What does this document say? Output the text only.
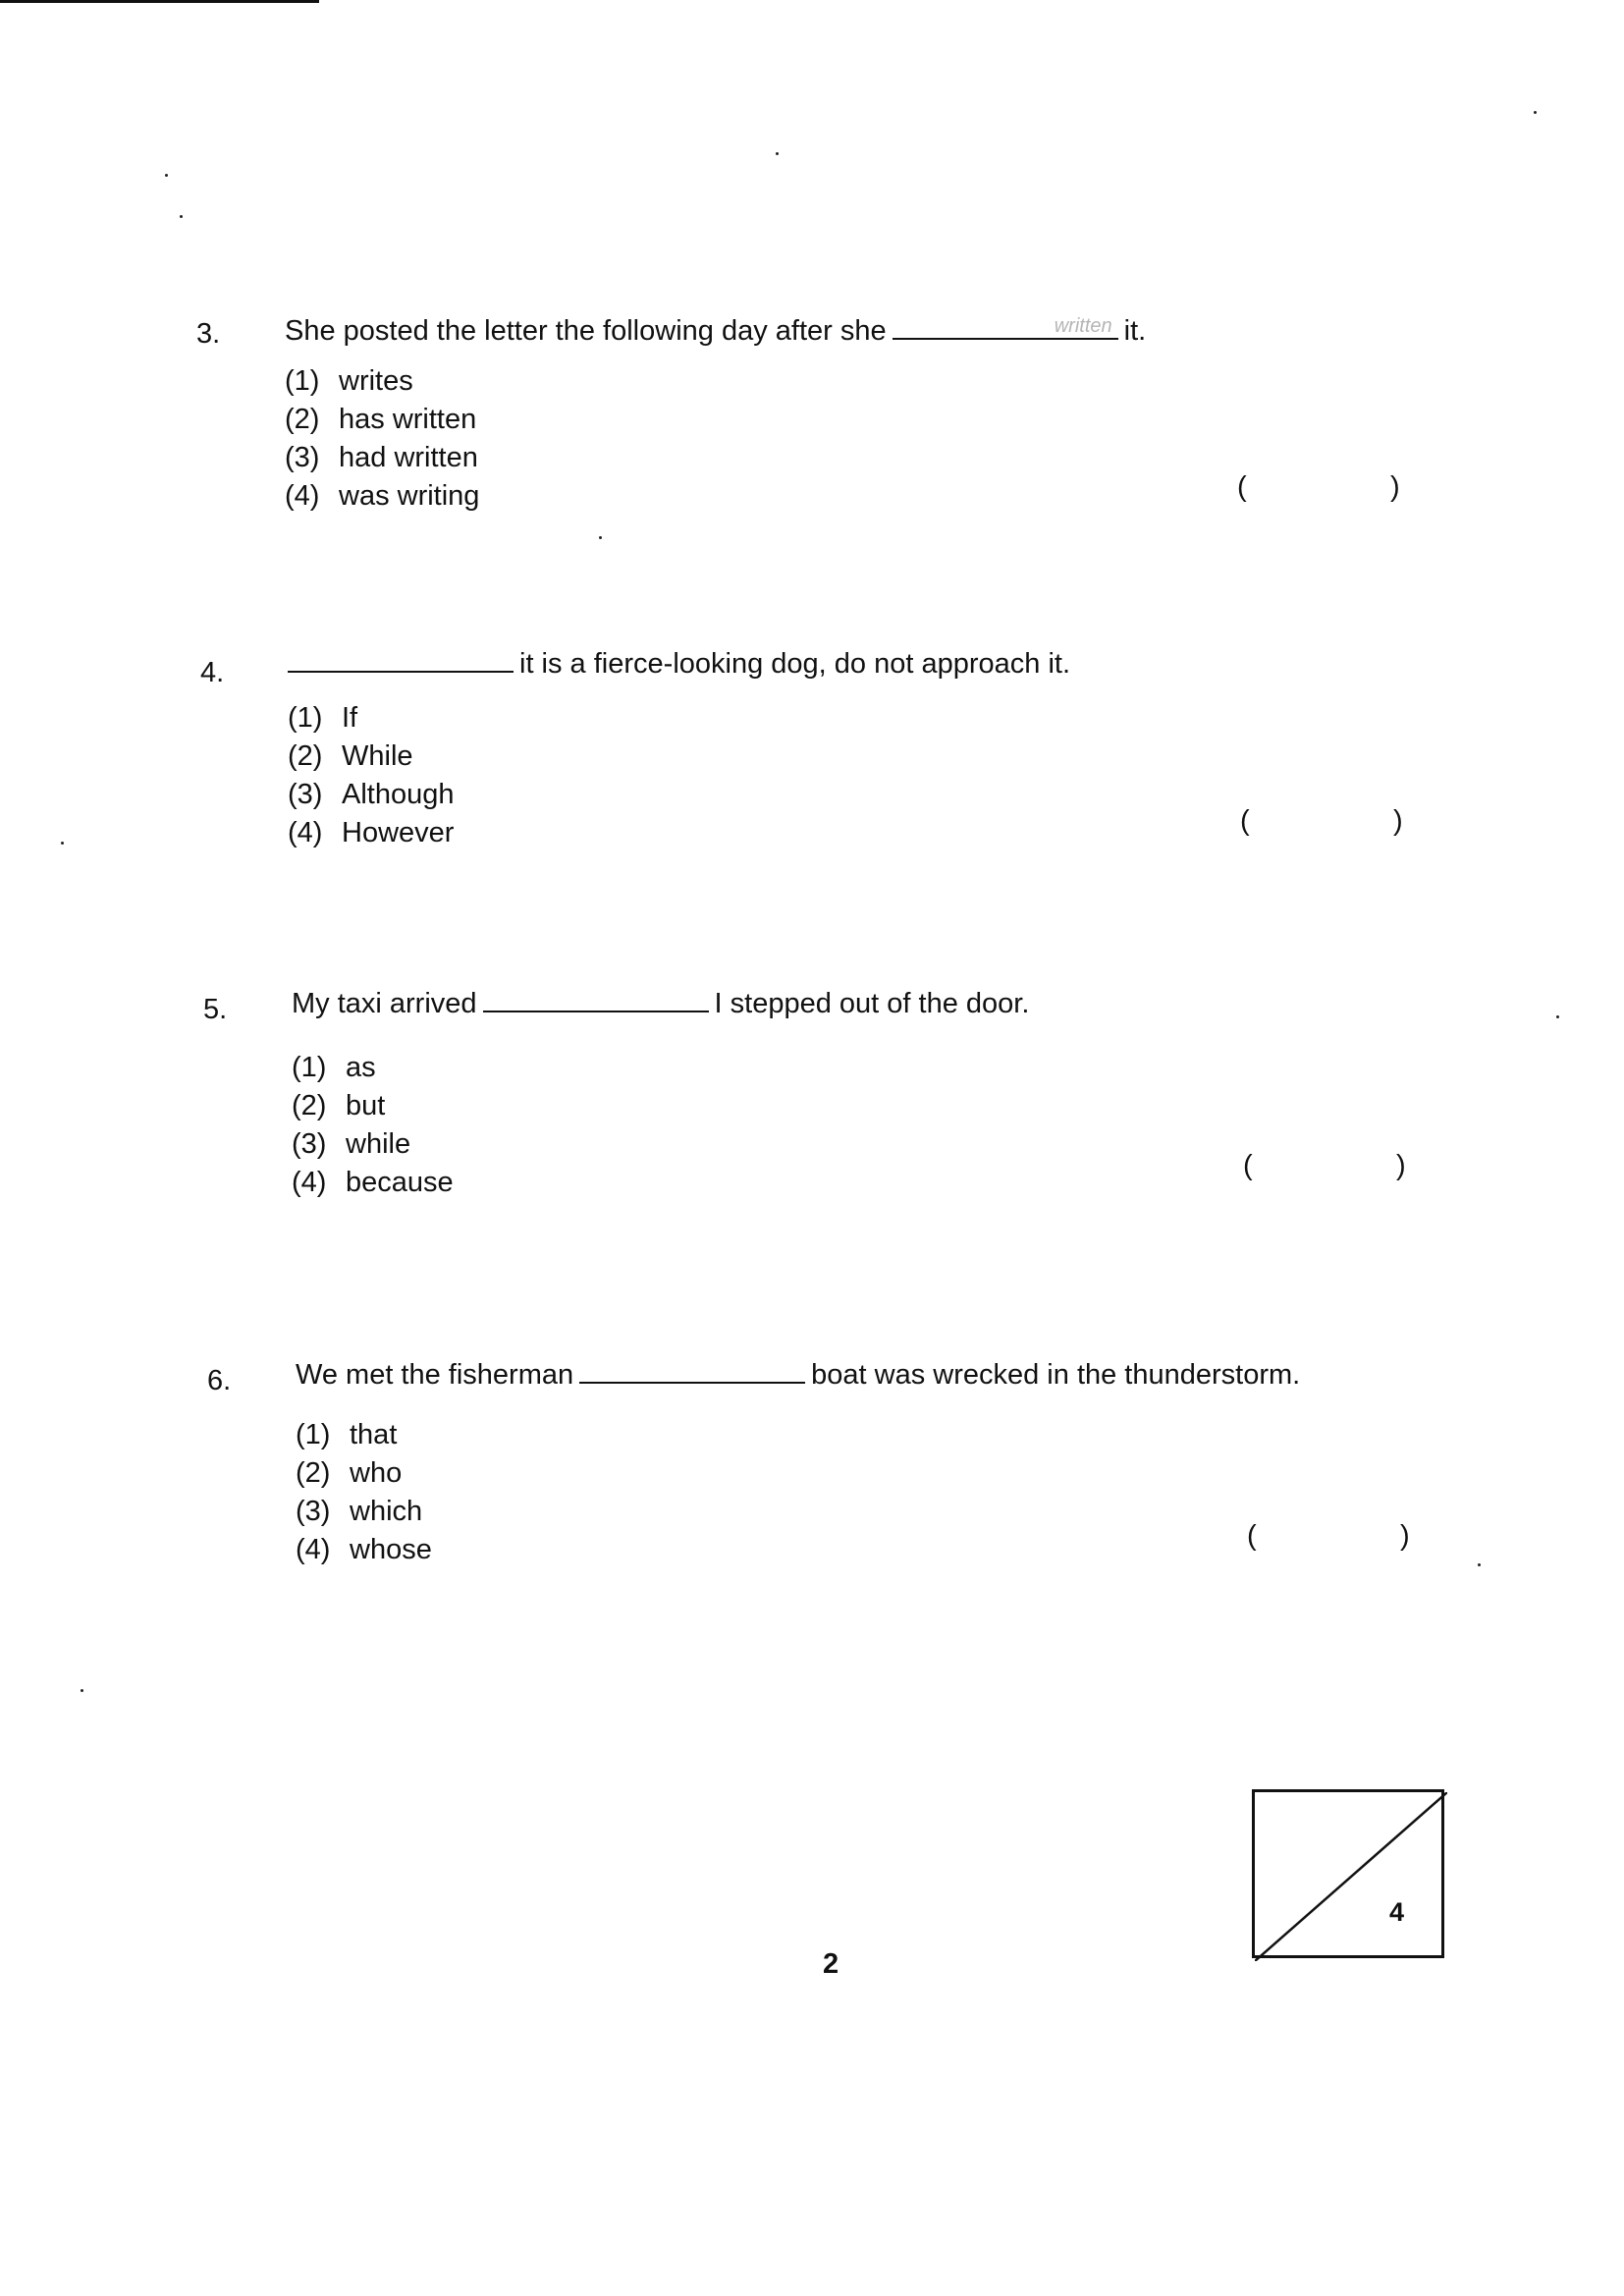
3. She posted the letter the following day after she	written it.
(1) writes
(2) has written
(3) had written
(4) was writing	(	)
4.	it is a fierce-looking dog, do not approach it.
(1) If
(2) While
(3) Although
(4) However	(	)
5. My taxi arrived	I stepped out of the door.
(1) as
(2) but
(3) while
(4) because
(	)
6. We met the fisherman	boat was wrecked in the thunderstorm.
(1) that
(2) who
(3) which
(4) whose	(	)
4
2
